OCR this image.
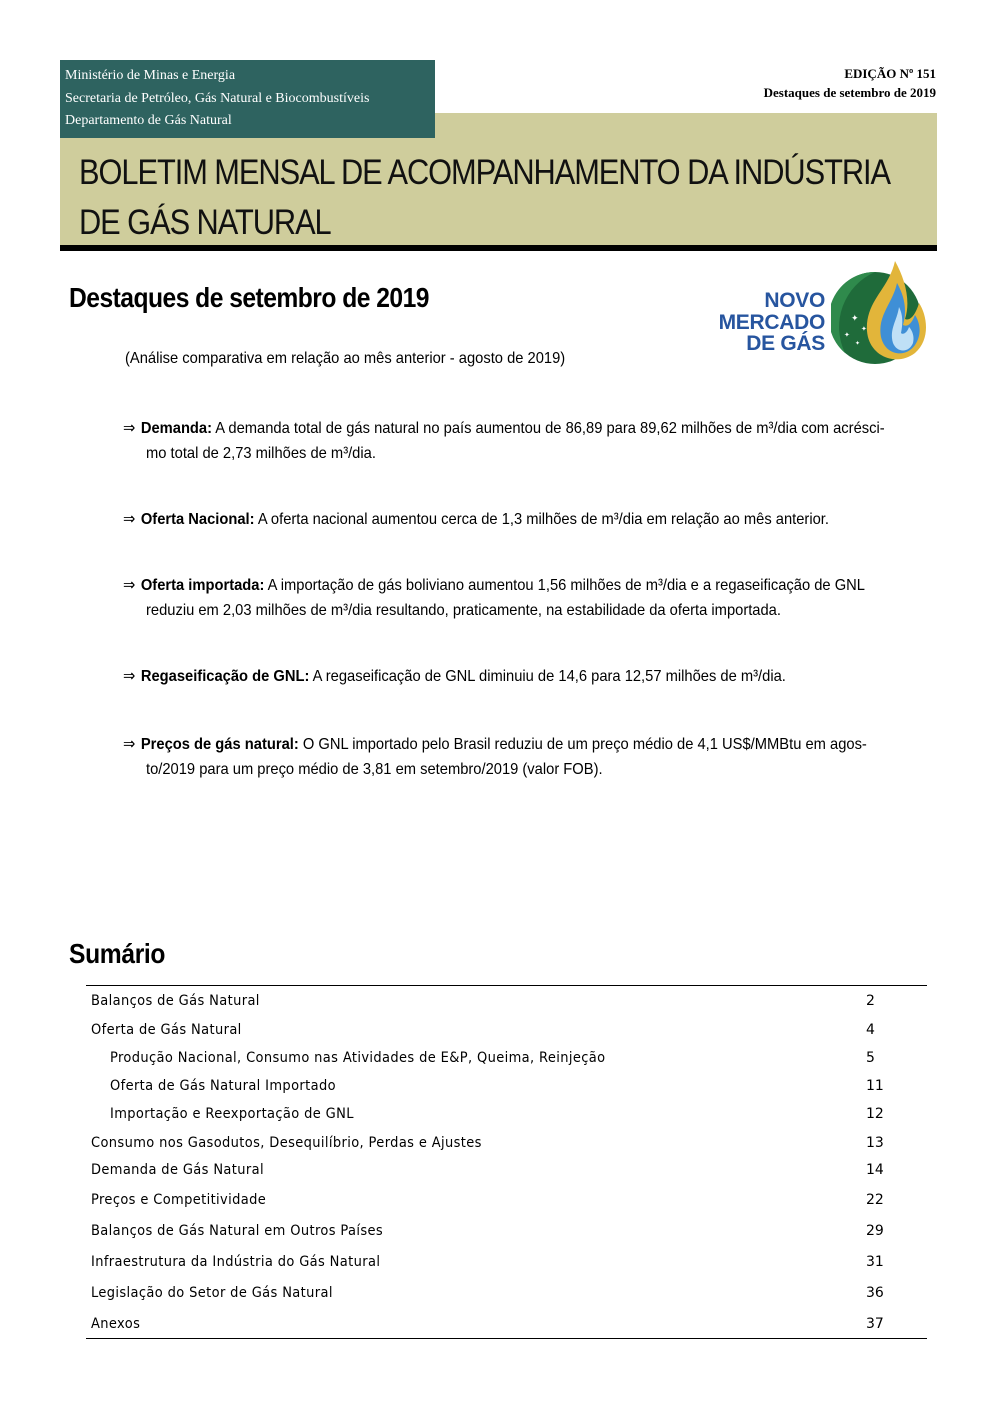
Ministério de Minas e Energia
Secretaria de Petróleo, Gás Natural e Biocombustíveis
Departamento de Gás Natural
EDIÇÃO Nº 151
Destaques de setembro de 2019
BOLETIM MENSAL DE ACOMPANHAMENTO DA INDÚSTRIA
DE GÁS NATURAL
Destaques de setembro de 2019
(Análise comparativa em relação ao mês anterior - agosto de 2019)
NOVO
MERCADO
DE GÁS
✦
✦
✦
✦
⇒ Demanda: A demanda total de gás natural no país aumentou de 86,89 para 89,62 milhões de m³/dia com acrésci-
mo total de 2,73 milhões de m³/dia.
⇒ Oferta Nacional: A oferta nacional aumentou cerca de 1,3 milhões de m³/dia em relação ao mês anterior.
⇒ Oferta importada: A importação de gás boliviano aumentou 1,56 milhões de m³/dia e a regaseificação de GNL
reduziu em 2,03 milhões de m³/dia resultando, praticamente, na estabilidade da oferta importada.
⇒ Regaseificação de GNL: A regaseificação de GNL diminuiu de 14,6 para 12,57 milhões de m³/dia.
⇒ Preços de gás natural: O GNL importado pelo Brasil reduziu de um preço médio de 4,1 US$/MMBtu em agos-
to/2019 para um preço médio de 3,81 em setembro/2019 (valor FOB).
Sumário
Balanços de Gás Natural	2
Oferta de Gás Natural	4
Produção Nacional, Consumo nas Atividades de E&P, Queima, Reinjeção	5
Oferta de Gás Natural Importado	11
Importação e Reexportação de GNL	12
Consumo nos Gasodutos, Desequilíbrio, Perdas e Ajustes	13
Demanda de Gás Natural	14
Preços e Competitividade	22
Balanços de Gás Natural em Outros Países	29
Infraestrutura da Indústria do Gás Natural	31
Legislação do Setor de Gás Natural	36
Anexos	37
